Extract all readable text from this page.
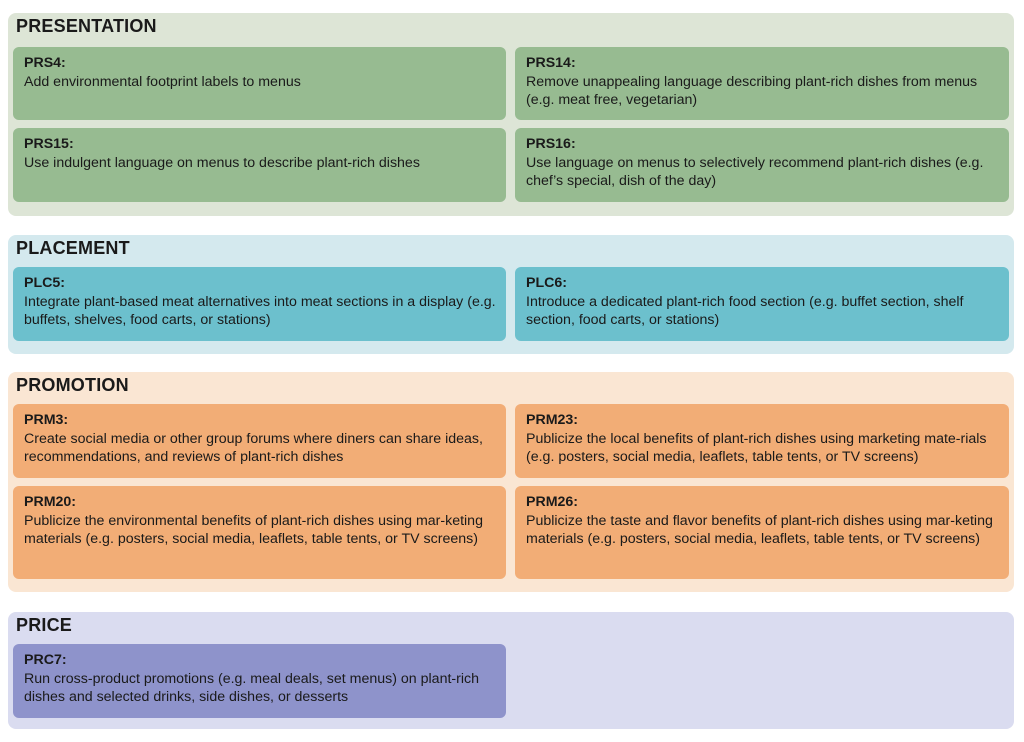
PRESENTATION
PRS4:
Add environmental footprint labels to menus
PRS14:
Remove unappealing language describing plant-rich dishes from menus (e.g. meat free, vegetarian)
PRS15:
Use indulgent language on menus to describe plant-rich dishes
PRS16:
Use language on menus to selectively recommend plant-rich dishes (e.g. chef’s special, dish of the day)
PLACEMENT
PLC5:
Integrate plant-based meat alternatives into meat sections in a display (e.g. buffets, shelves, food carts, or stations)
PLC6:
Introduce a dedicated plant-rich food section (e.g. buffet section, shelf section, food carts, or stations)
PROMOTION
PRM3:
Create social media or other group forums where diners can share ideas, recommendations, and reviews of plant-rich dishes
PRM23:
Publicize the local benefits of plant-rich dishes using marketing mate-rials (e.g. posters, social media, leaflets, table tents, or TV screens)
PRM20:
Publicize the environmental benefits of plant-rich dishes using mar-keting materials (e.g. posters, social media, leaflets, table tents, or TV screens)
PRM26:
Publicize the taste and flavor benefits of plant-rich dishes using mar-keting materials (e.g. posters, social media, leaflets, table tents, or TV screens)
PRICE
PRC7:
Run cross-product promotions (e.g. meal deals, set menus) on plant-rich dishes and selected drinks, side dishes, or desserts
